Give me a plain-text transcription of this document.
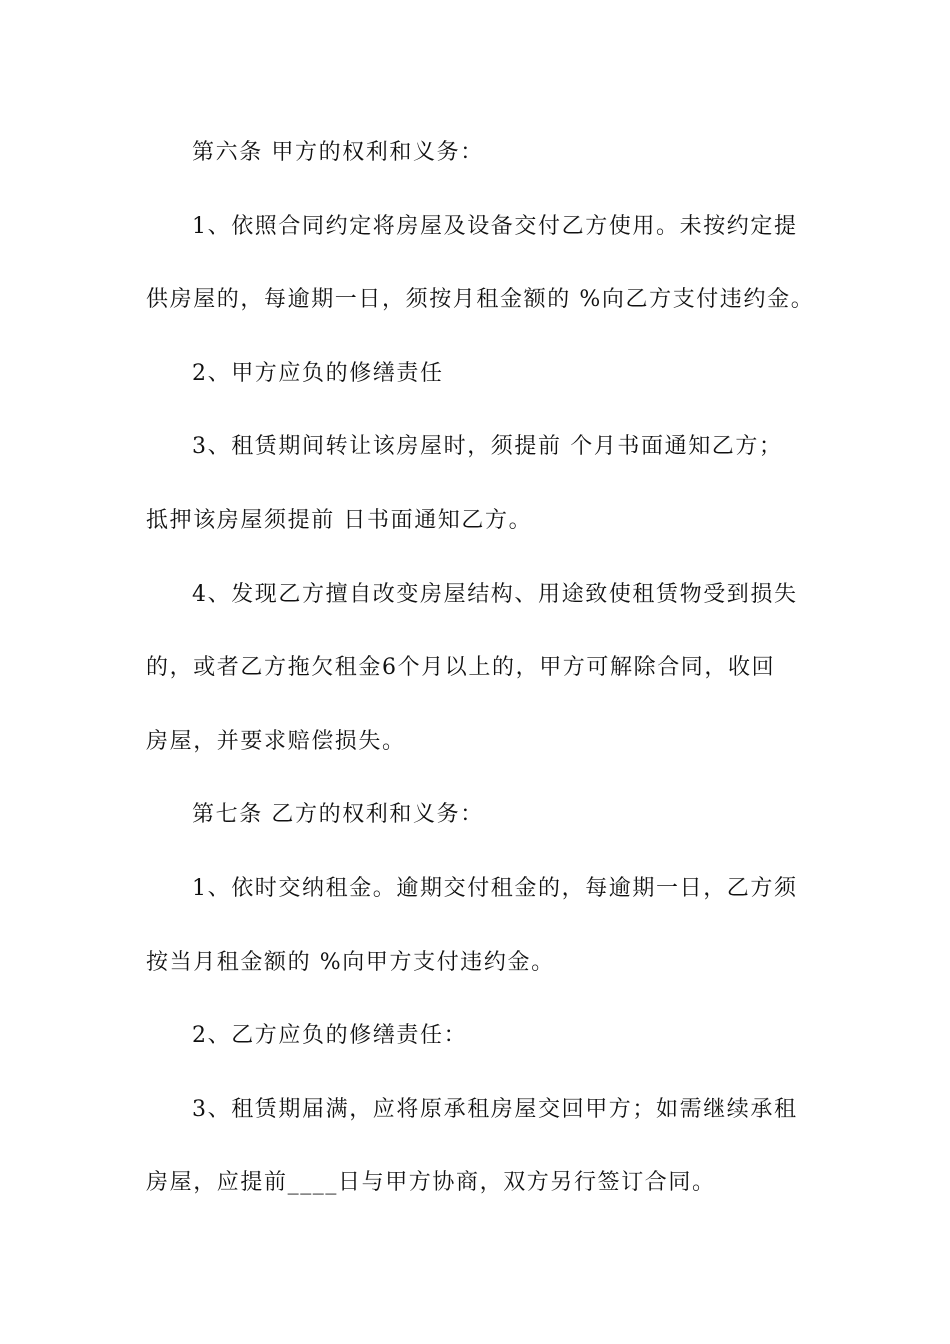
第六条 甲方的权利和义务：
1、依照合同约定将房屋及设备交付乙方使用。未按约定提
供房屋的，每逾期一日，须按月租金额的 %向乙方支付违约金。
2、甲方应负的修缮责任
3、租赁期间转让该房屋时，须提前 个月书面通知乙方；
抵押该房屋须提前 日书面通知乙方。
4、发现乙方擅自改变房屋结构、用途致使租赁物受到损失
的，或者乙方拖欠租金6个月以上的，甲方可解除合同，收回
房屋，并要求赔偿损失。
第七条 乙方的权利和义务：
1、依时交纳租金。逾期交付租金的，每逾期一日，乙方须
按当月租金额的 %向甲方支付违约金。
2、乙方应负的修缮责任：
3、租赁期届满，应将原承租房屋交回甲方；如需继续承租
房屋，应提前____日与甲方协商，双方另行签订合同。
